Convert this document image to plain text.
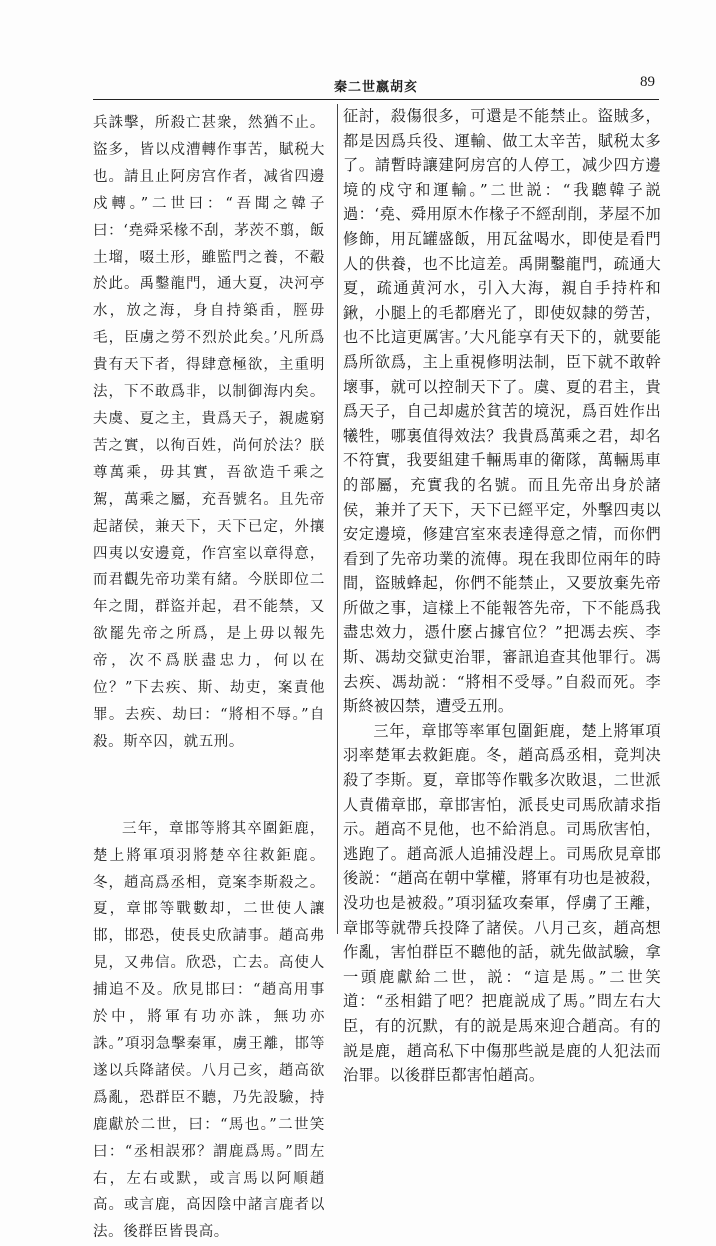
秦二世嬴胡亥	89

兵誅擊，所殺亡甚衆，然猶不止。盜多，皆以戍漕轉作事苦，賦税大也。請且止阿房宫作者，减省四邊戍轉。”二世曰：“吾聞之韓子曰：‘堯舜采椽不刮，茅茨不翦，飯土塯，啜土形，雖監門之養，不觳於此。禹鑿龍門，通大夏，决河亭水，放之海，身自持築臿，脛毋毛，臣虜之勞不烈於此矣。’凡所爲貴有天下者，得肆意極欲，主重明法，下不敢爲非，以制御海内矣。夫虞、夏之主，貴爲天子，親處窮苦之實，以徇百姓，尚何於法？朕尊萬乘，毋其實，吾欲造千乘之駕，萬乘之屬，充吾號名。且先帝起諸侯，兼天下，天下已定，外攘四夷以安邊竟，作宫室以章得意，而君觀先帝功業有緒。今朕即位二年之閒，群盜并起，君不能禁，又欲罷先帝之所爲，是上毋以報先帝，次不爲朕盡忠力，何以在位？”下去疾、斯、劫吏，案責他罪。去疾、劫曰：“將相不辱。”自殺。斯卒囚，就五刑。

三年，章邯等將其卒圍鉅鹿，楚上將軍項羽將楚卒往救鉅鹿。冬，趙高爲丞相，竟案李斯殺之。夏，章邯等戰數却，二世使人讓邯，邯恐，使長史欣請事。趙高弗見，又弗信。欣恐，亡去。高使人捕追不及。欣見邯曰：“趙高用事於中，將軍有功亦誅，無功亦誅。”項羽急擊秦軍，虜王離，邯等遂以兵降諸侯。八月己亥，趙高欲爲亂，恐群臣不聽，乃先設驗，持鹿獻於二世，曰：“馬也。”二世笑曰：“丞相誤邪？謂鹿爲馬。”問左右，左右或默，或言馬以阿順趙高。或言鹿，高因陰中諸言鹿者以法。後群臣皆畏高。

征討，殺傷很多，可還是不能禁止。盜賊多，都是因爲兵役、運輸、做工太辛苦，賦税太多了。請暫時讓建阿房宫的人停工，减少四方邊境的戍守和運輸。”二世説：“我聽韓子説過：‘堯、舜用原木作椽子不經刮削，茅屋不加修飾，用瓦罐盛飯，用瓦盆喝水，即使是看門人的供養，也不比這差。禹開鑿龍門，疏通大夏，疏通黄河水，引入大海，親自手持杵和鍬，小腿上的毛都磨光了，即使奴隸的勞苦，也不比這更厲害。’大凡能享有天下的，就要能爲所欲爲，主上重視修明法制，臣下就不敢幹壞事，就可以控制天下了。虞、夏的君主，貴爲天子，自己却處於貧苦的境況，爲百姓作出犧牲，哪裏值得效法？我貴爲萬乘之君，却名不符實，我要組建千輛馬車的衛隊，萬輛馬車的部屬，充實我的名號。而且先帝出身於諸侯，兼并了天下，天下已經平定，外擊四夷以安定邊境，修建宫室來表達得意之情，而你們看到了先帝功業的流傳。現在我即位兩年的時間，盜賊蜂起，你們不能禁止，又要放棄先帝所做之事，這樣上不能報答先帝，下不能爲我盡忠效力，憑什麽占據官位？”把馮去疾、李斯、馮劫交獄吏治罪，審訊追查其他罪行。馮去疾、馮劫説：“將相不受辱。”自殺而死。李斯終被囚禁，遭受五刑。

三年，章邯等率軍包圍鉅鹿，楚上將軍項羽率楚軍去救鉅鹿。冬，趙高爲丞相，竟判决殺了李斯。夏，章邯等作戰多次敗退，二世派人責備章邯，章邯害怕，派長史司馬欣請求指示。趙高不見他，也不給消息。司馬欣害怕，逃跑了。趙高派人追捕没趕上。司馬欣見章邯後説：“趙高在朝中掌權，將軍有功也是被殺，没功也是被殺。”項羽猛攻秦軍，俘虜了王離，章邯等就帶兵投降了諸侯。八月己亥，趙高想作亂，害怕群臣不聽他的話，就先做試驗，拿一頭鹿獻給二世，説：“這是馬。”二世笑道：“丞相錯了吧？把鹿説成了馬。”問左右大臣，有的沉默，有的説是馬來迎合趙高。有的説是鹿，趙高私下中傷那些説是鹿的人犯法而治罪。以後群臣都害怕趙高。
